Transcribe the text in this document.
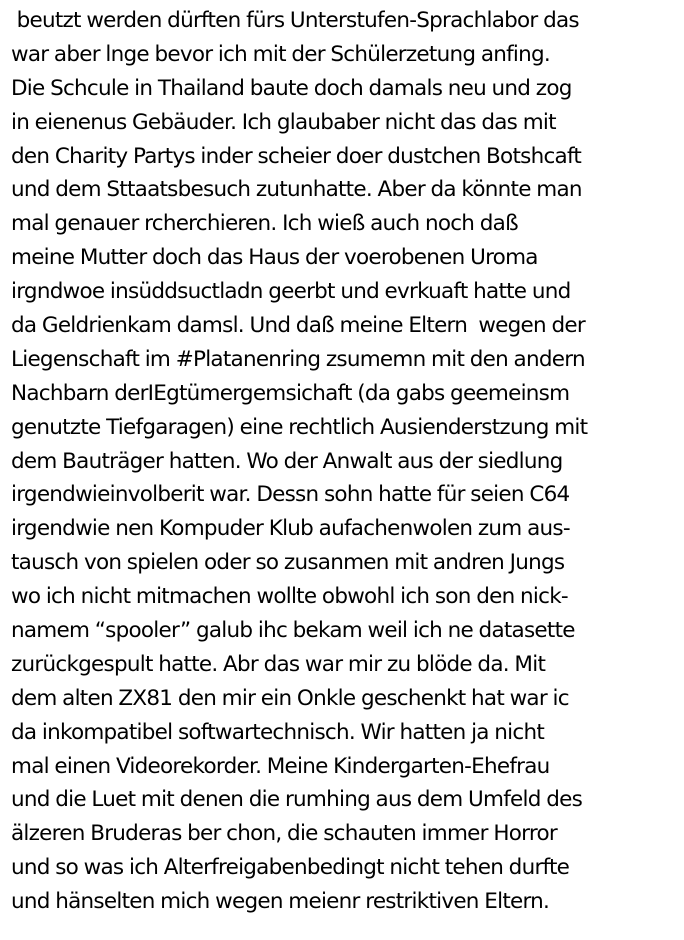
beutzt werden dürften fürs Unterstufen-Sprachlabor das
war aber lnge bevor ich mit der Schülerzetung anfing.
Die Schcule in Thailand baute doch damals neu und zog
in eienenus Gebäuder. Ich glaubaber nicht das das mit
den Charity Partys inder scheier doer dustchen Botshcaft
und dem Sttaatsbesuch zutunhatte. Aber da könnte man
mal genauer rcherchieren. Ich wieß auch noch daß
meine Mutter doch das Haus der voerobenen Uroma
irgndwoe insüddsuctladn geerbt und evrkuaft hatte und
da Geldrienkam damsl. Und daß meine Eltern  wegen der
Liegenschaft im #Platanenring zsumemn mit den andern
Nachbarn derIEgtümergemsichaft (da gabs geemeinsm
genutzte Tiefgaragen) eine rechtlich Ausienderstzung mit
dem Bauträger hatten. Wo der Anwalt aus der siedlung
irgendwieinvolberit war. Dessn sohn hatte für seien C64
irgendwie nen Kompuder Klub aufachenwolen zum aus-
tausch von spielen oder so zusanmen mit andren Jungs
wo ich nicht mitmachen wollte obwohl ich son den nick-
namem “spooler” galub ihc bekam weil ich ne datasette
zurückgespult hatte. Abr das war mir zu blöde da. Mit
dem alten ZX81 den mir ein Onkle geschenkt hat war ic
da inkompatibel softwartechnisch. Wir hatten ja nicht
mal einen Videorekorder. Meine Kindergarten-Ehefrau
und die Luet mit denen die rumhing aus dem Umfeld des
älzeren Bruderas ber chon, die schauten immer Horror
und so was ich Alterfreigabenbedingt nicht tehen durfte
und hänselten mich wegen meienr restriktiven Eltern.
